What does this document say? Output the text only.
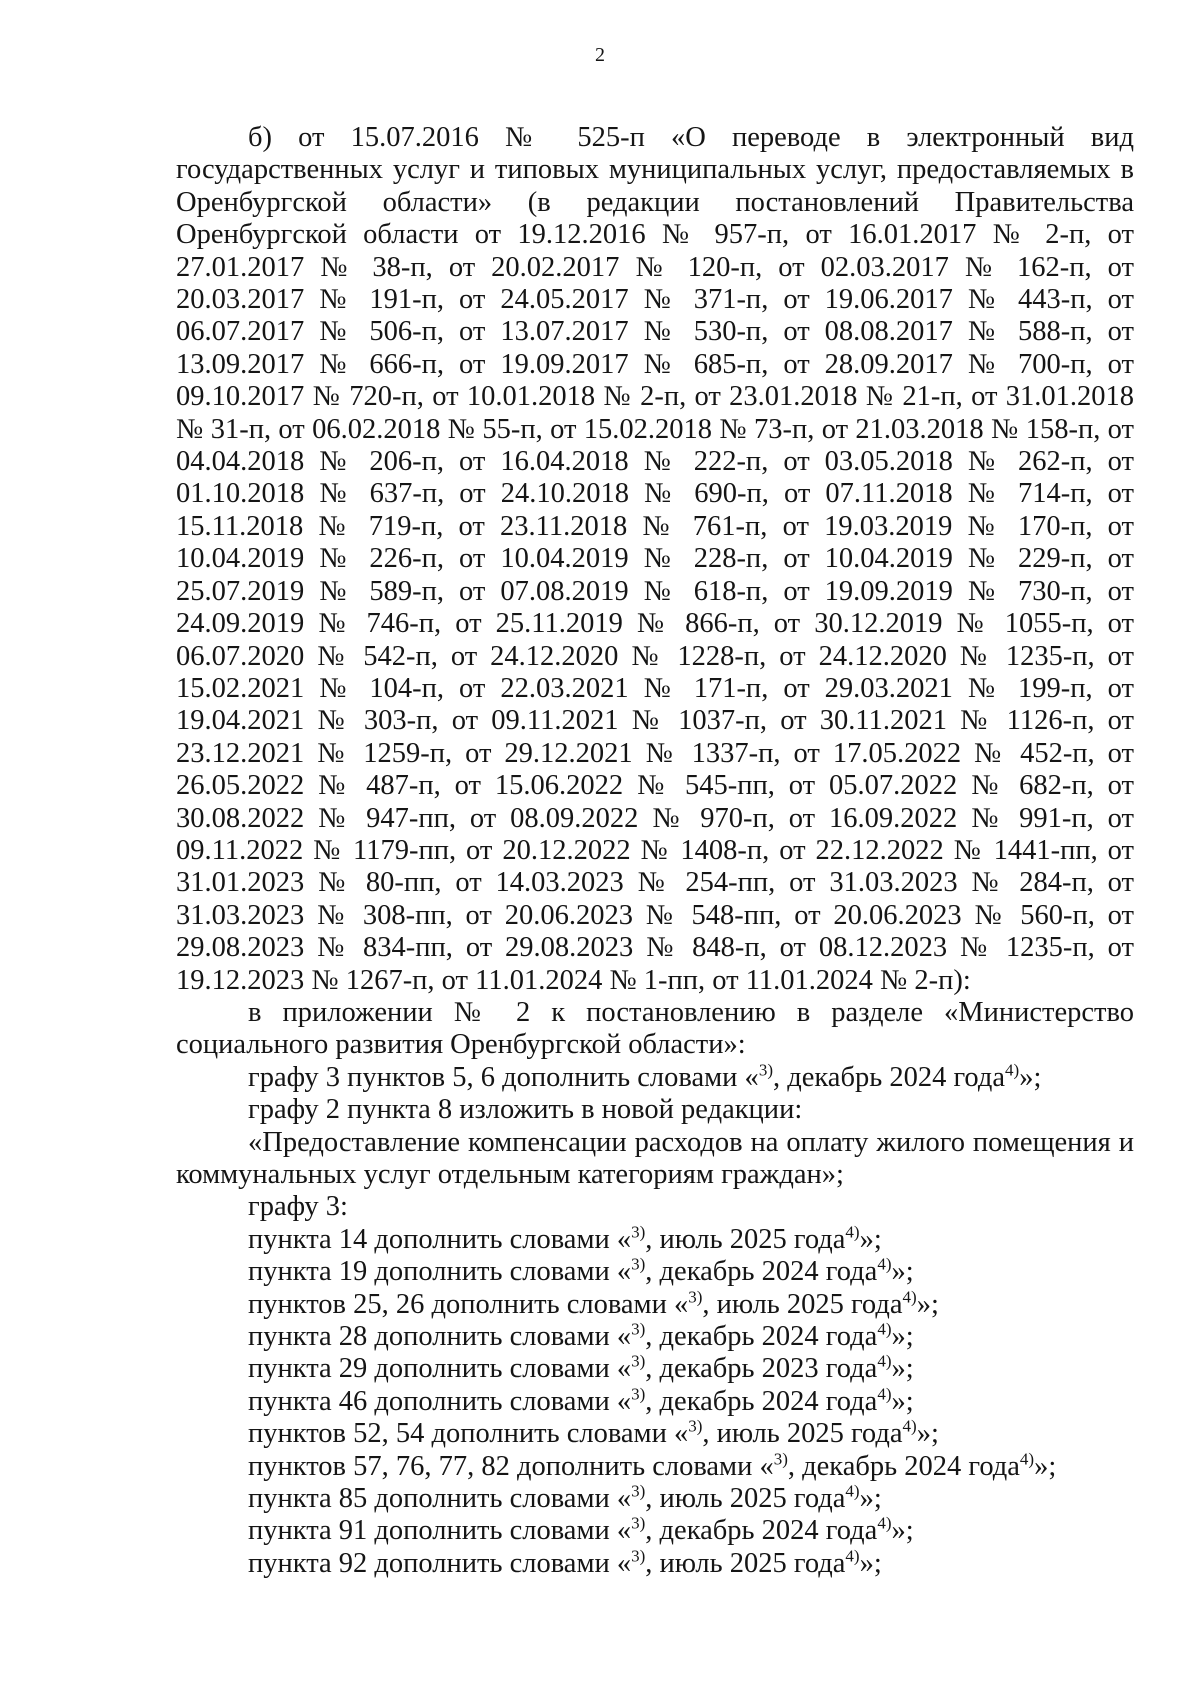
2

б) от 15.07.2016 № 525-п «О переводе в электронный вид государственных услуг и типовых муниципальных услуг, предоставляемых в Оренбургской области» (в редакции постановлений Правительства Оренбургской области от 19.12.2016 № 957-п, от 16.01.2017 № 2-п, от 27.01.2017 № 38-п, от 20.02.2017 № 120-п, от 02.03.2017 № 162-п, от 20.03.2017 № 191-п, от 24.05.2017 № 371-п, от 19.06.2017 № 443-п, от 06.07.2017 № 506-п, от 13.07.2017 № 530-п, от 08.08.2017 № 588-п, от 13.09.2017 № 666-п, от 19.09.2017 № 685-п, от 28.09.2017 № 700-п, от 09.10.2017 № 720-п, от 10.01.2018 № 2-п, от 23.01.2018 № 21-п, от 31.01.2018 № 31-п, от 06.02.2018 № 55-п, от 15.02.2018 № 73-п, от 21.03.2018 № 158-п, от 04.04.2018 № 206-п, от 16.04.2018 № 222-п, от 03.05.2018 № 262-п, от 01.10.2018 № 637-п, от 24.10.2018 № 690-п, от 07.11.2018 № 714-п, от 15.11.2018 № 719-п, от 23.11.2018 № 761-п, от 19.03.2019 № 170-п, от 10.04.2019 № 226-п, от 10.04.2019 № 228-п, от 10.04.2019 № 229-п, от 25.07.2019 № 589-п, от 07.08.2019 № 618-п, от 19.09.2019 № 730-п, от 24.09.2019 № 746-п, от 25.11.2019 № 866-п, от 30.12.2019 № 1055-п, от 06.07.2020 № 542-п, от 24.12.2020 № 1228-п, от 24.12.2020 № 1235-п, от 15.02.2021 № 104-п, от 22.03.2021 № 171-п, от 29.03.2021 № 199-п, от 19.04.2021 № 303-п, от 09.11.2021 № 1037-п, от 30.11.2021 № 1126-п, от 23.12.2021 № 1259-п, от 29.12.2021 № 1337-п, от 17.05.2022 № 452-п, от 26.05.2022 № 487-п, от 15.06.2022 № 545-пп, от 05.07.2022 № 682-п, от 30.08.2022 № 947-пп, от 08.09.2022 № 970-п, от 16.09.2022 № 991-п, от 09.11.2022 № 1179-пп, от 20.12.2022 № 1408-п, от 22.12.2022 № 1441-пп, от 31.01.2023 № 80-пп, от 14.03.2023 № 254-пп, от 31.03.2023 № 284-п, от 31.03.2023 № 308-пп, от 20.06.2023 № 548-пп, от 20.06.2023 № 560-п, от 29.08.2023 № 834-пп, от 29.08.2023 № 848-п, от 08.12.2023 № 1235-п, от 19.12.2023 № 1267-п, от 11.01.2024 № 1-пп, от 11.01.2024 № 2-п):

в приложении № 2 к постановлению в разделе «Министерство социального развития Оренбургской области»:

графу 3 пунктов 5, 6 дополнить словами «$^{3)}$, декабрь 2024 года$^{4)}$»;

графу 2 пункта 8 изложить в новой редакции:

«Предоставление компенсации расходов на оплату жилого помещения и коммунальных услуг отдельным категориям граждан»;

графу 3:

пункта 14 дополнить словами «$^{3)}$, июль 2025 года$^{4)}$»;

пункта 19 дополнить словами «$^{3)}$, декабрь 2024 года$^{4)}$»;

пунктов 25, 26 дополнить словами «$^{3)}$, июль 2025 года$^{4)}$»;

пункта 28 дополнить словами «$^{3)}$, декабрь 2024 года$^{4)}$»;

пункта 29 дополнить словами «$^{3)}$, декабрь 2023 года$^{4)}$»;

пункта 46 дополнить словами «$^{3)}$, декабрь 2024 года$^{4)}$»;

пунктов 52, 54 дополнить словами «$^{3)}$, июль 2025 года$^{4)}$»;

пунктов 57, 76, 77, 82 дополнить словами «$^{3)}$, декабрь 2024 года$^{4)}$»;

пункта 85 дополнить словами «$^{3)}$, июль 2025 года$^{4)}$»;

пункта 91 дополнить словами «$^{3)}$, декабрь 2024 года$^{4)}$»;

пункта 92 дополнить словами «$^{3)}$, июль 2025 года$^{4)}$»;
